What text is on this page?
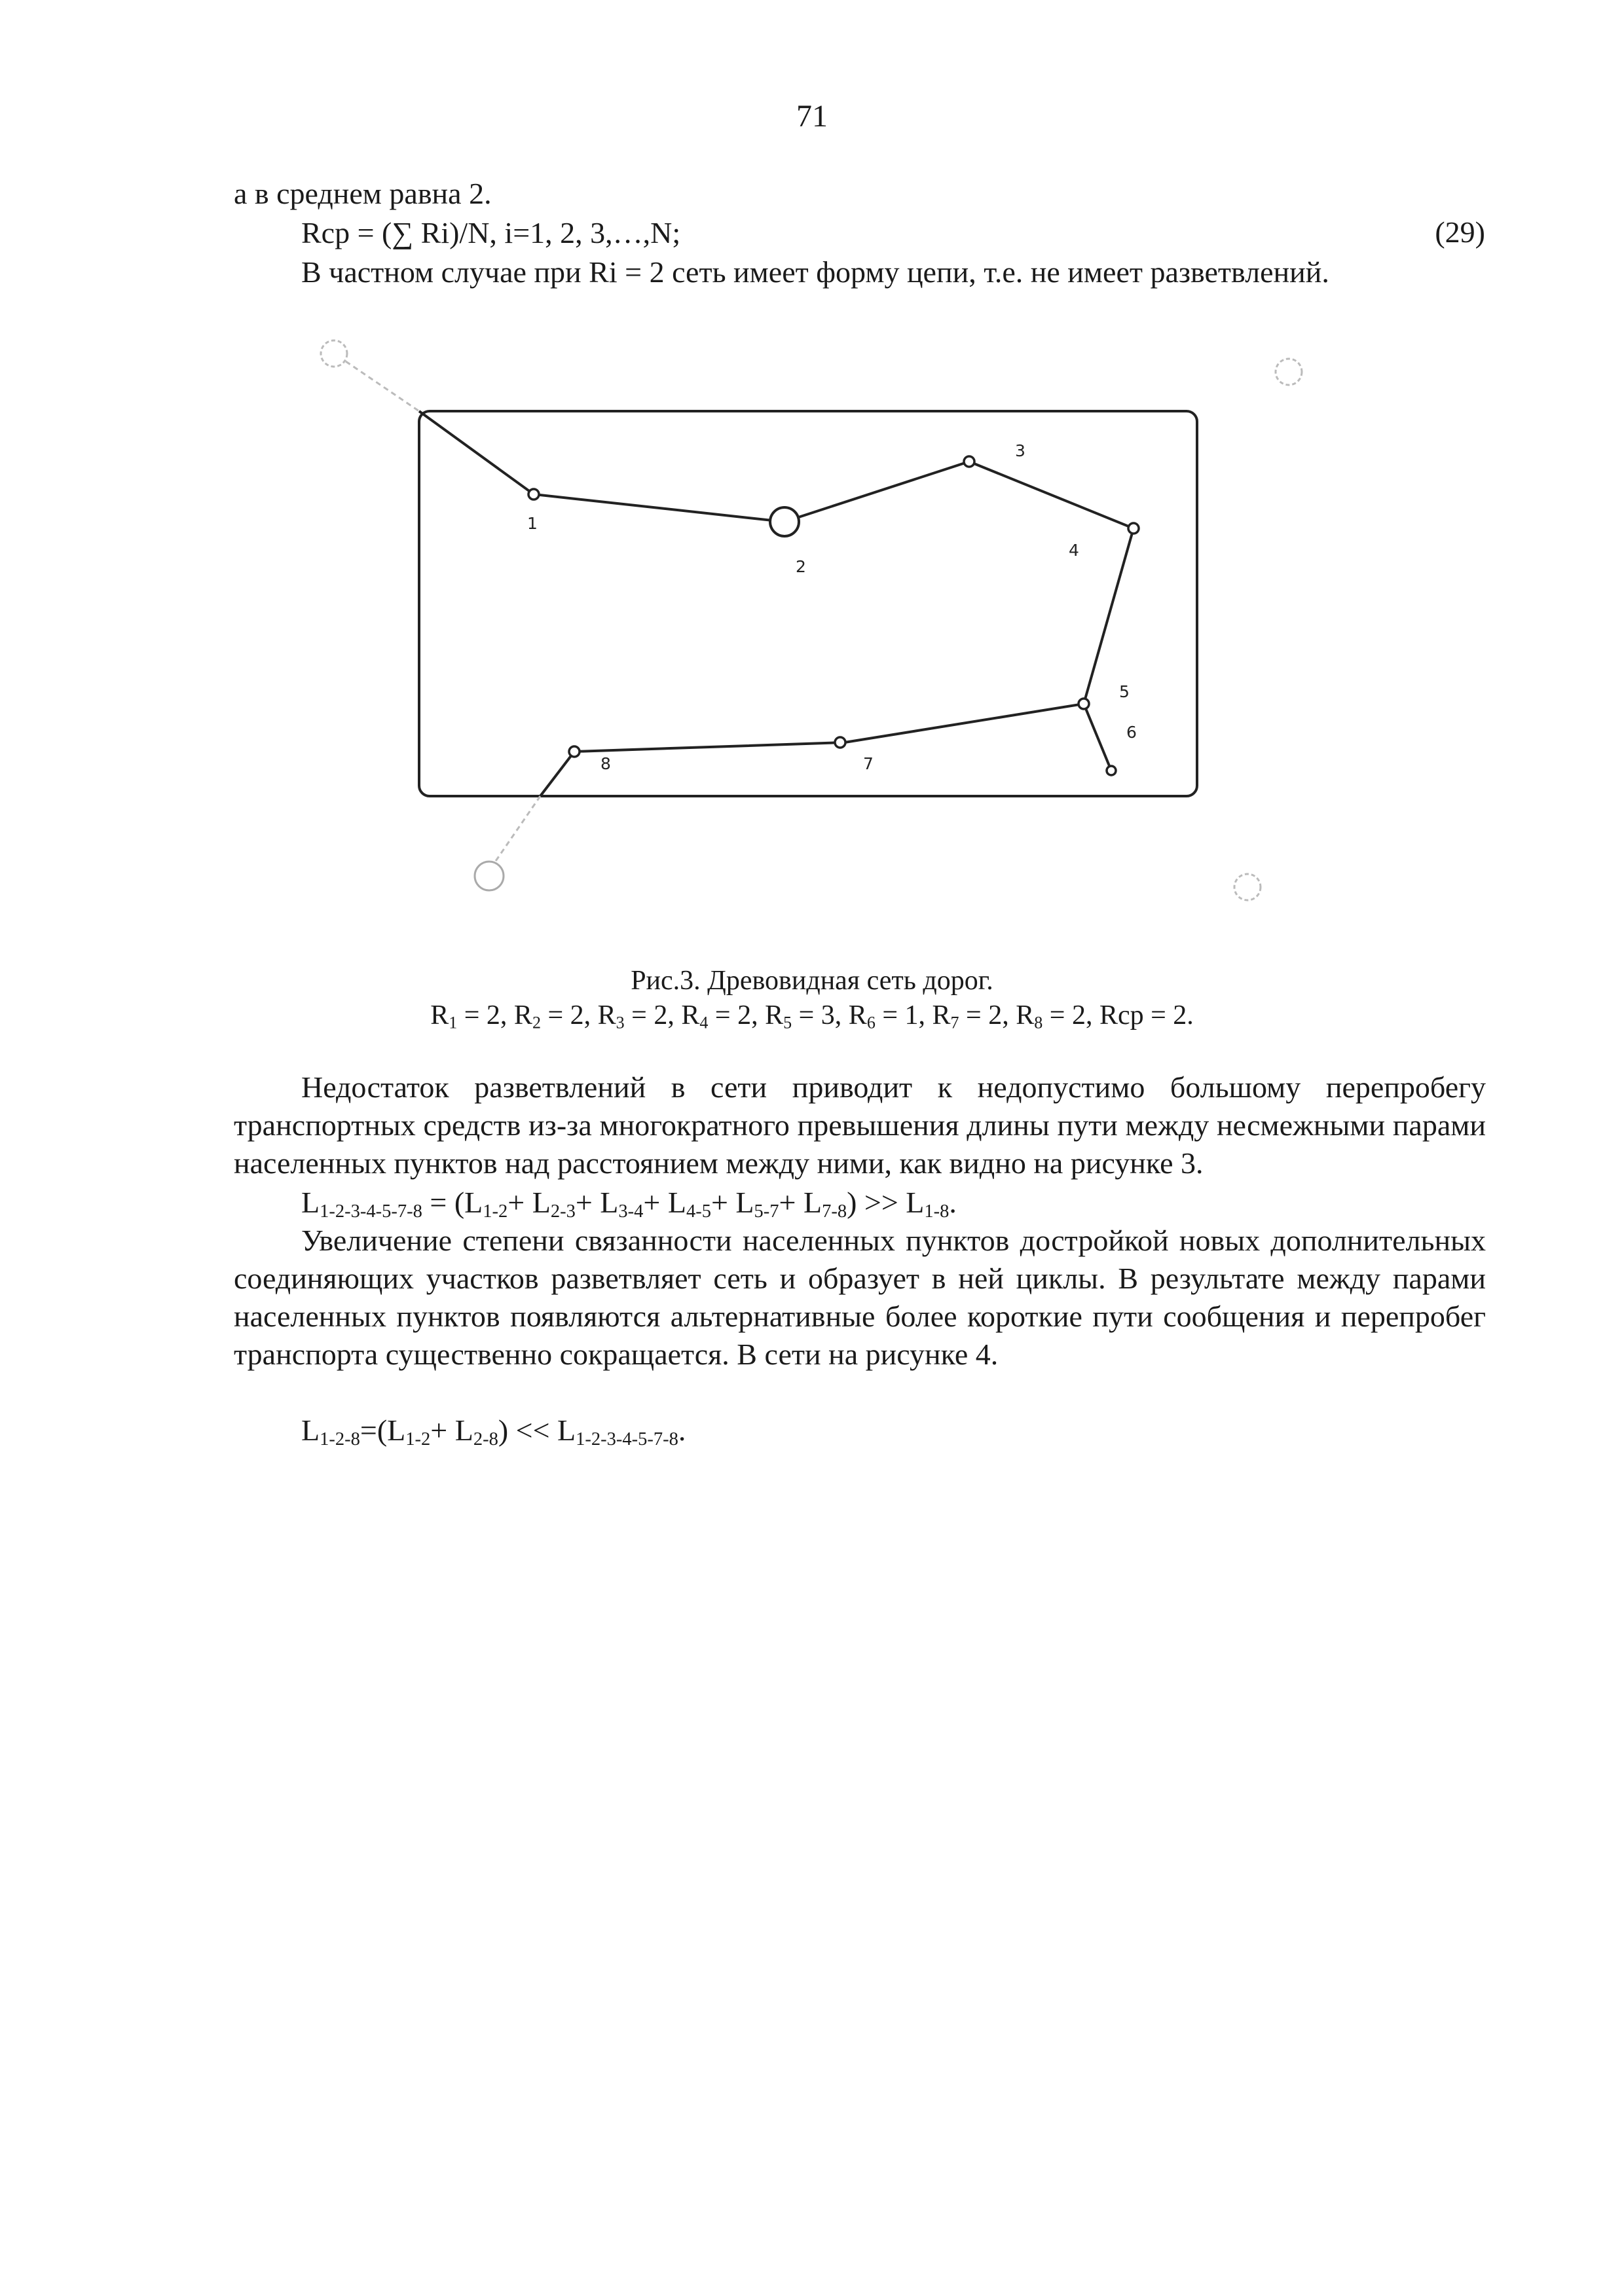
71
а в среднем равна 2.
Rcp = (∑ Ri)/N, i=1, 2, 3,…,N;	(29)
В частном случае при Ri = 2 сеть имеет форму цепи, т.е. не имеет разветвлений.
1
2
3
4
5
6
7
8
Рис.3. Древовидная сеть дорог.
$R_1 = 2$, $R_2 = 2$, $R_3 = 2$, $R_4 = 2$, $R_5 = 3$, $R_6 = 1$, $R_7 = 2$, $R_8 = 2$, Rcp = 2.
Недостаток разветвлений в сети приводит к недопустимо большому перепробегу транспортных средств из-за многократного превышения длины пути между несмежными парами населенных пунктов над расстоянием между ними, как видно на рисунке 3.
$L_{1-2-3-4-5-7-8} = (L_{1-2}+ L_{2-3}+ L_{3-4}+ L_{4-5}+ L_{5-7}+ L_{7-8}) >> L_{1-8}$.
Увеличение степени связанности населенных пунктов достройкой новых дополнительных соединяющих участков разветвляет сеть и образует в ней циклы. В результате между парами населенных пунктов появляются альтернативные более короткие пути сообщения и перепробег транспорта существенно сокращается. В сети на рисунке 4.
$L_{1-2-8}=(L_{1-2}+ L_{2-8}) << L_{1-2-3-4-5-7-8}$.
